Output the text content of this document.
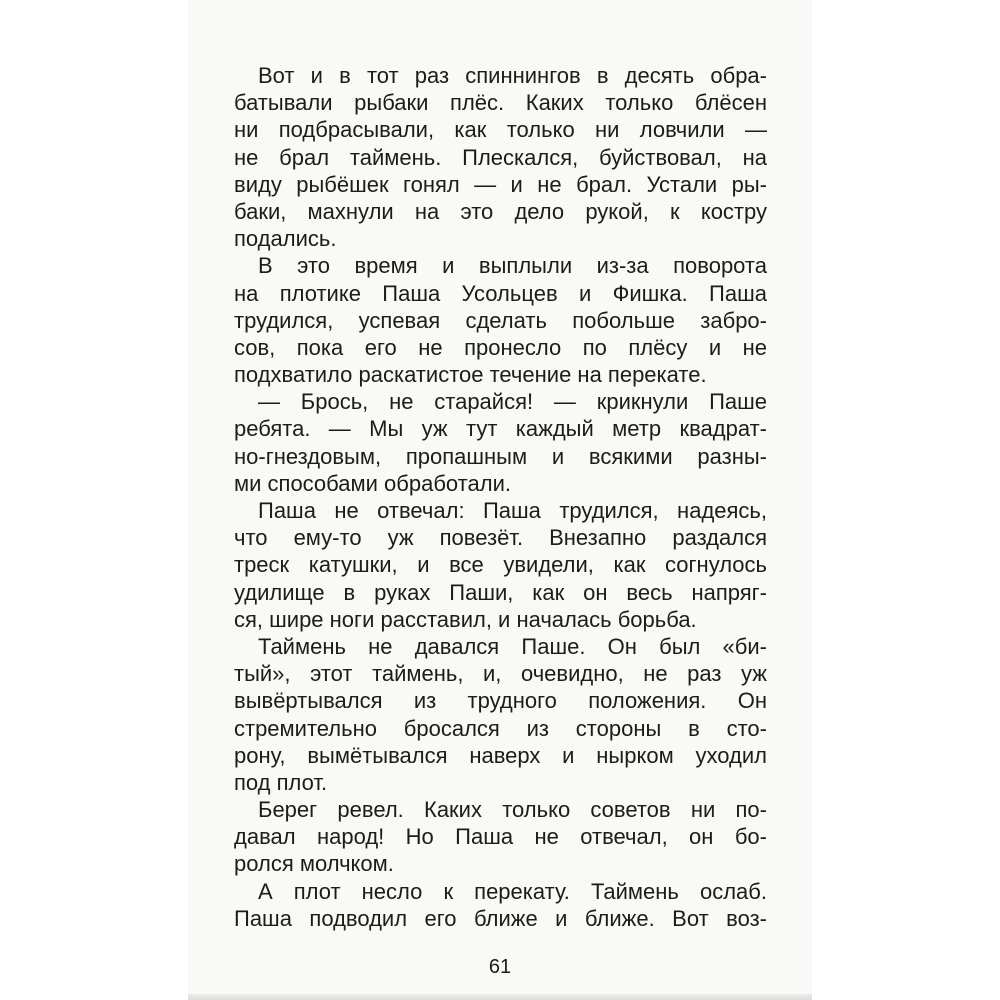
Вот и в тот раз спиннингов в десять обра-
батывали рыбаки плёс. Каких только блёсен
ни подбрасывали, как только ни ловчили —
не брал таймень. Плескался, буйствовал, на
виду рыбёшек гонял — и не брал. Устали ры-
баки, махнули на это дело рукой, к костру
подались.
В это время и выплыли из-за поворота
на плотике Паша Усольцев и Фишка. Паша
трудился, успевая сделать побольше забро-
сов, пока его не пронесло по плёсу и не
подхватило раскатистое течение на перекате.
— Брось, не старайся! — крикнули Паше
ребята. — Мы уж тут каждый метр квадрат-
но-гнездовым, пропашным и всякими разны-
ми способами обработали.
Паша не отвечал: Паша трудился, надеясь,
что ему-то уж повезёт. Внезапно раздался
треск катушки, и все увидели, как согнулось
удилище в руках Паши, как он весь напряг-
ся, шире ноги расставил, и началась борьба.
Таймень не давался Паше. Он был «би-
тый», этот таймень, и, очевидно, не раз уж
вывёртывался из трудного положения. Он
стремительно бросался из стороны в сто-
рону, вымётывался наверх и нырком уходил
под плот.
Берег ревел. Каких только советов ни по-
давал народ! Но Паша не отвечал, он бо-
ролся молчком.
А плот несло к перекату. Таймень ослаб.
Паша подводил его ближе и ближе. Вот воз-
61
